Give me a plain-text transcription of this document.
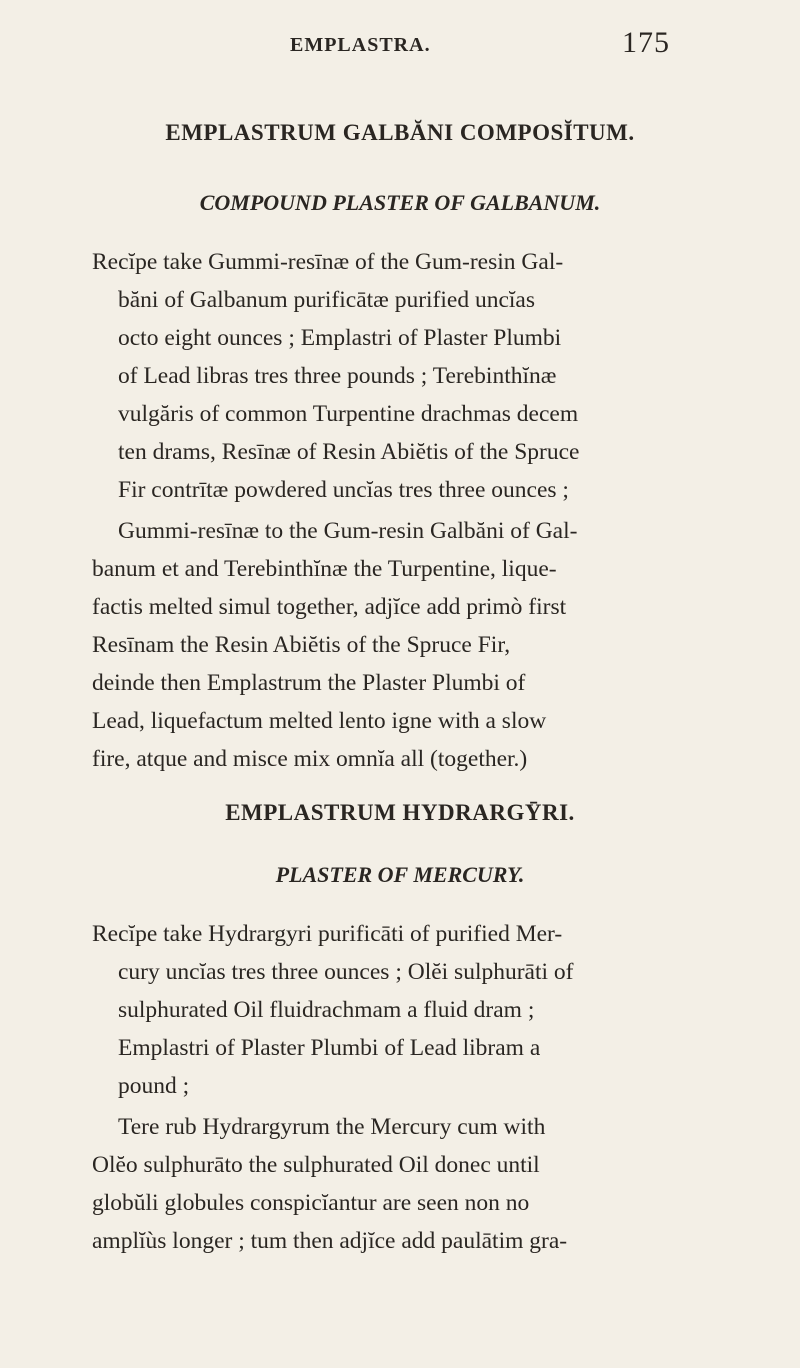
EMPLASTRA.	175
EMPLASTRUM GALBĂNI COMPOSĬTUM.
COMPOUND PLASTER OF GALBANUM.
Recĭpe take Gummi-resīnæ of the Gum-resin Gal-
băni of Galbanum purificātæ purified uncĭas
octo eight ounces ; Emplastri of Plaster Plumbi
of Lead libras tres three pounds ; Terebinthĭnæ
vulgăris of common Turpentine drachmas decem
ten drams, Resīnæ of Resin Abiĕtis of the Spruce
Fir contrītæ powdered uncĭas tres three ounces ;
Gummi-resīnæ to the Gum-resin Galbăni of Gal-
banum et and Terebinthĭnæ the Turpentine, lique-
factis melted simul together, adjĭce add primò first
Resīnam the Resin Abiĕtis of the Spruce Fir,
deinde then Emplastrum the Plaster Plumbi of
Lead, liquefactum melted lento igne with a slow
fire, atque and misce mix omnĭa all (together.)
EMPLASTRUM HYDRARGȲRI.
PLASTER OF MERCURY.
Recĭpe take Hydrargyri purificāti of purified Mer-
cury uncĭas tres three ounces ; Olĕi sulphurāti of
sulphurated Oil fluidrachmam a fluid dram ;
Emplastri of Plaster Plumbi of Lead libram a
pound ;
Tere rub Hydrargyrum the Mercury cum with
Olĕo sulphurāto the sulphurated Oil donec until
globŭli globules conspicĭantur are seen non no
amplĭùs longer ; tum then adjĭce add paulātim gra-
